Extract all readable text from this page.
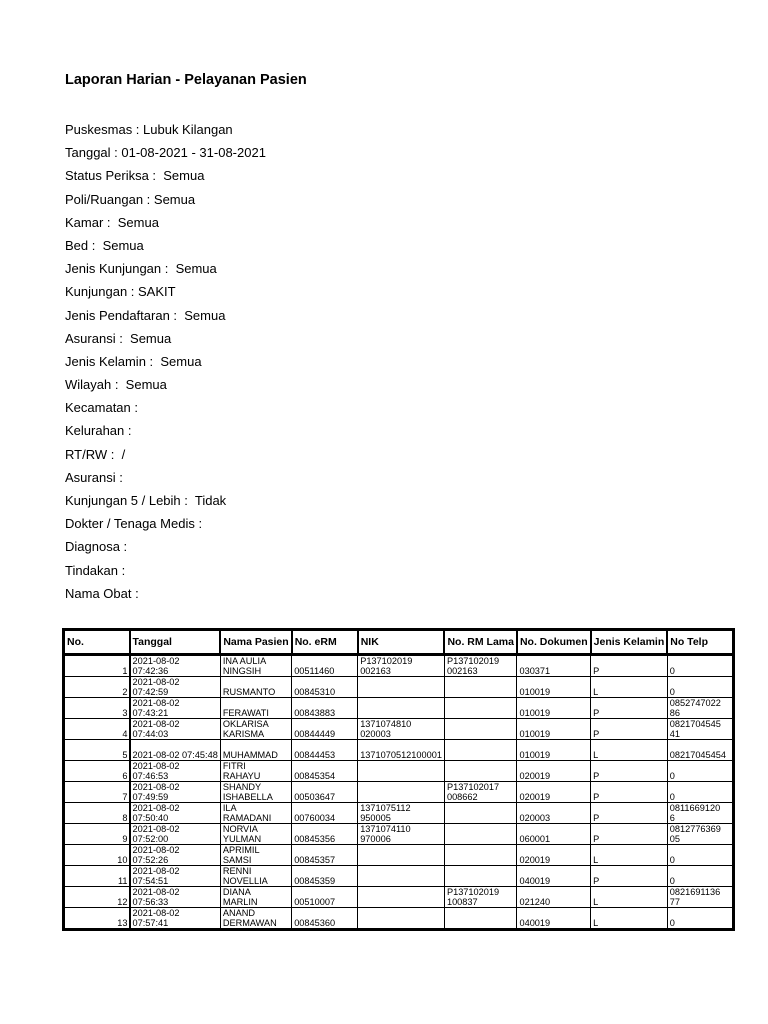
Laporan Harian - Pelayanan Pasien
Puskesmas : Lubuk Kilangan
Tanggal : 01-08-2021 - 31-08-2021
Status Periksa :  Semua
Poli/Ruangan : Semua
Kamar :  Semua
Bed :  Semua
Jenis Kunjungan :  Semua
Kunjungan : SAKIT
Jenis Pendaftaran :  Semua
Asuransi :  Semua
Jenis Kelamin :  Semua
Wilayah :  Semua
Kecamatan :
Kelurahan :
RT/RW :  /
Asuransi :
Kunjungan 5 / Lebih :  Tidak
Dokter / Tenaga Medis :
Diagnosa :
Tindakan :
Nama Obat :
No.	Tanggal	Nama Pasien	No. eRM	NIK	No. RM Lama	No. Dokumen	Jenis Kelamin	No Telp
1	2021-08-02
07:42:36	INA AULIA
NINGSIH	00511460	P137102019
002163	P137102019
002163	030371	P	0
2	2021-08-02
07:42:59	RUSMANTO	00845310			010019	L	0
3	2021-08-02
07:43:21	FERAWATI	00843883			010019	P	0852747022
86

4	2021-08-02
07:44:03	OKLARISA
KARISMA	00844449	1371074810
020003		010019	P	0821704545
41

5	2021-08-02 07:45:48	MUHAMMAD	00844453	1371070512100001		010019	L	08217045454

6	2021-08-02
07:46:53	FITRI
RAHAYU	00845354			020019	P	0
7	2021-08-02
07:49:59	SHANDY
ISHABELLA	00503647		P137102017
008662	020019	P	0
8	2021-08-02
07:50:40	ILA
RAMADANI	00760034	1371075112
950005		020003	P	0811669120
6

9	2021-08-02
07:52:00	NORVIA
YULMAN	00845356	1371074110
970006		060001	P	0812776369
05

10	2021-08-02
07:52:26	APRIMIL
SAMSI	00845357			020019	L	0
11	2021-08-02
07:54:51	RENNI
NOVELLIA	00845359			040019	P	0
12	2021-08-02
07:56:33	DIANA
MARLIN	00510007		P137102019
100837	021240	L	0821691136
77

13	2021-08-02
07:57:41	ANAND
DERMAWAN	00845360			040019	L	0
